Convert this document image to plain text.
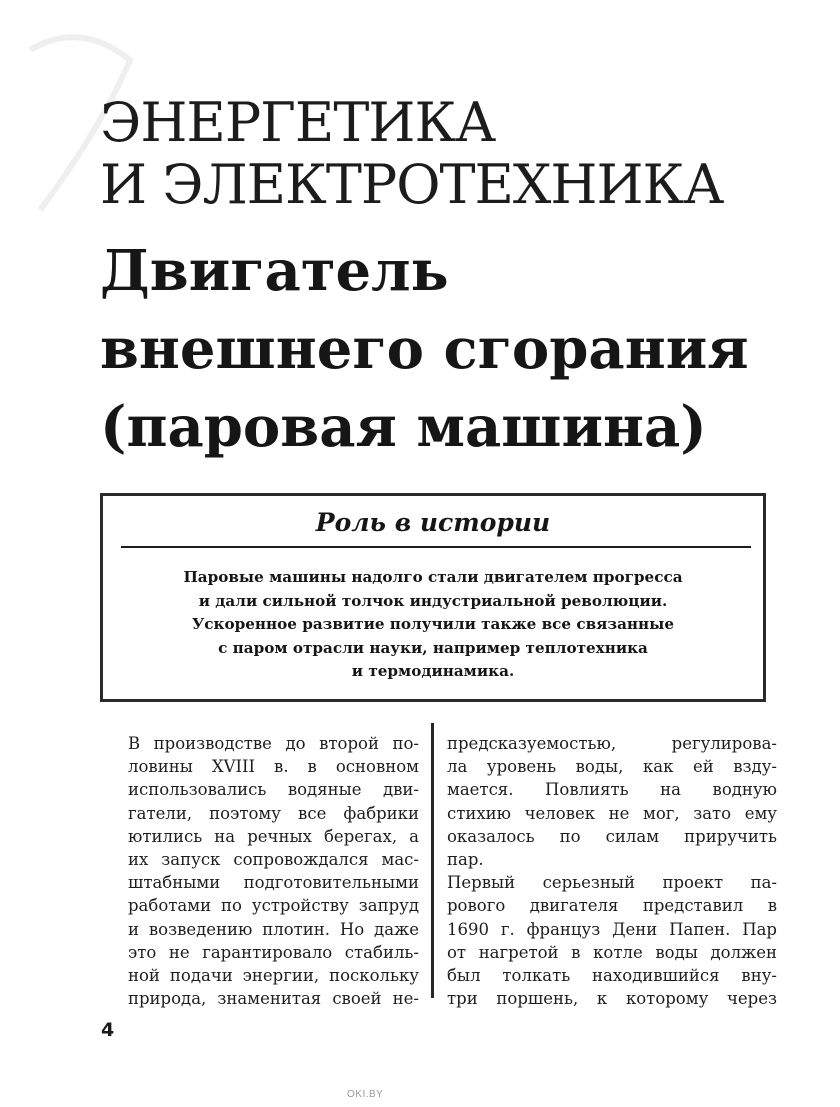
ЭНЕРГЕТИКА
И ЭЛЕКТРОТЕХНИКА
Двигатель
внешнего сгорания
(паровая машина)
Роль в истории
Паровые машины надолго стали двигателем прогресса
и дали сильной толчок индустриальной революции.
Ускоренное развитие получили также все связанные
с паром отрасли науки, например теплотехника
и термодинамика.
В производстве до второй по-
ловины XVIII в. в основном
использовались водяные дви-
гатели, поэтому все фабрики
ютились на речных берегах, а
их запуск сопровождался мас-
штабными подготовительными
работами по устройству запруд
и возведению плотин. Но даже
это не гарантировало стабиль-
ной подачи энергии, поскольку
природа, знаменитая своей не-
предсказуемостью, регулирова-
ла уровень воды, как ей взду-
мается. Повлиять на водную
стихию человек не мог, зато ему
оказалось по силам приручить
пар.
Первый серьезный проект па-
рового двигателя представил в
1690 г. француз Дени Папен. Пар
от нагретой в котле воды должен
был толкать находившийся вну-
три поршень, к которому через
4
OKI.BY
